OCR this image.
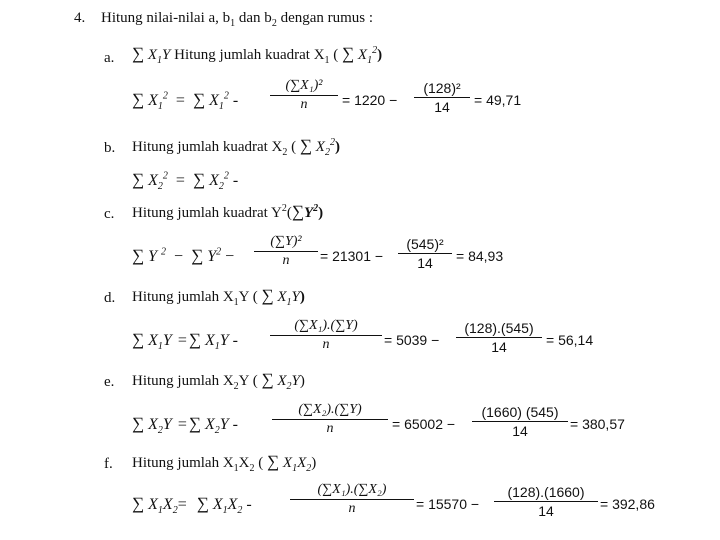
4. Hitung nilai-nilai a, $b_1$ dan $b_2$ dengan rumus :
a. ∑ $X_1Y$ Hitung jumlah kuadrat $X_1$ ( ∑ $X_1^2$)
∑ $X_1^2$ = ∑ $X_1^2$ -
(∑X₁)²
n	= 1220 −
(128)²
14	= 49,71
b. Hitung jumlah kuadrat $X_2$ ( ∑ $X_2^2$)
∑ $X_2^2$ = ∑ $X_2^2$ -
c. Hitung jumlah kuadrat $Y^2(\sum Y^2)$
∑ Y $^2$ − ∑ $Y^2$ −
(∑Y)²
n	= 21301 −
(545)²
14	= 84,93
d. Hitung jumlah $X_1Y$ ( ∑ $X_1Y$)
∑ $X_1Y$ = ∑ $X_1Y$ -
(∑X₁).(∑Y)
n	= 5039 −
(128).(545)
14	= 56,14
e. Hitung jumlah $X_2Y$ ( ∑ $X_2Y$)
∑ $X_2Y$ = ∑ $X_2Y$ -
(∑X₂).(∑Y)
n	= 65002 −
(1660) (545)
14	= 380,57
f. Hitung jumlah $X_1X_2$ ( ∑ $X_1X_2$)
∑ $X_1X_2=$ ∑ $X_1X_2$ -
(∑X₁).(∑X₂)
n	= 15570 −
(128).(1660)
14	= 392,86
